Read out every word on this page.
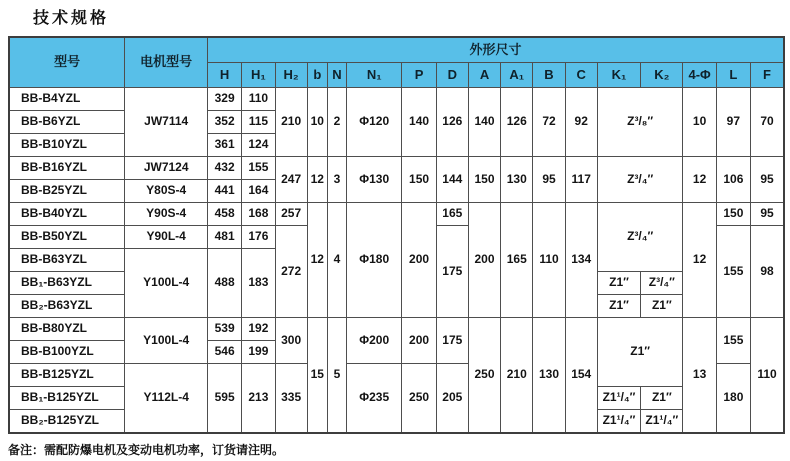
技术规格
型号	电机型号	外形尺寸																
		H	H₁	H₂	b	N	N₁	P	D	A	A₁	B	C	K₁	K₂	4-Φ	L	F
BB-B4YZL	JW7114	329	110	210	10	2	Φ120	140	126	140	126	72	92	Z³/₈″		10	97	70
BB-B6YZL		352	115															
BB-B10YZL		361	124															
BB-B16YZL	JW7124	432	155	247	12	3	Φ130	150	144	150	130	95	117	Z³/₄″		12	106	95
BB-B25YZL	Y80S-4	441	164															
BB-B40YZL	Y90S-4	458	168	257	12	4	Φ180	200	165	200	165	110	134	Z³/₄″		12	150	95
BB-B50YZL	Y90L-4	481	176	272					175								155	98
BB-B63YZL	Y100L-4	488	183															
BB₁-B63YZL														Z1″	Z³/₄″			
BB₂-B63YZL														Z1″	Z1″			
BB-B80YZL	Y100L-4	539	192	300	15	5	Φ200	200	175	250	210	130	154	Z1″		13	155	110
BB-B100YZL		546	199															
BB-B125YZL	Y112L-4	595	213	335			Φ235	250	205								180	
BB₁-B125YZL														Z1¹/₄″	Z1″			
BB₂-B125YZL														Z1¹/₄″	Z1¹/₄″			
备注：需配防爆电机及变动电机功率，订货请注明。
